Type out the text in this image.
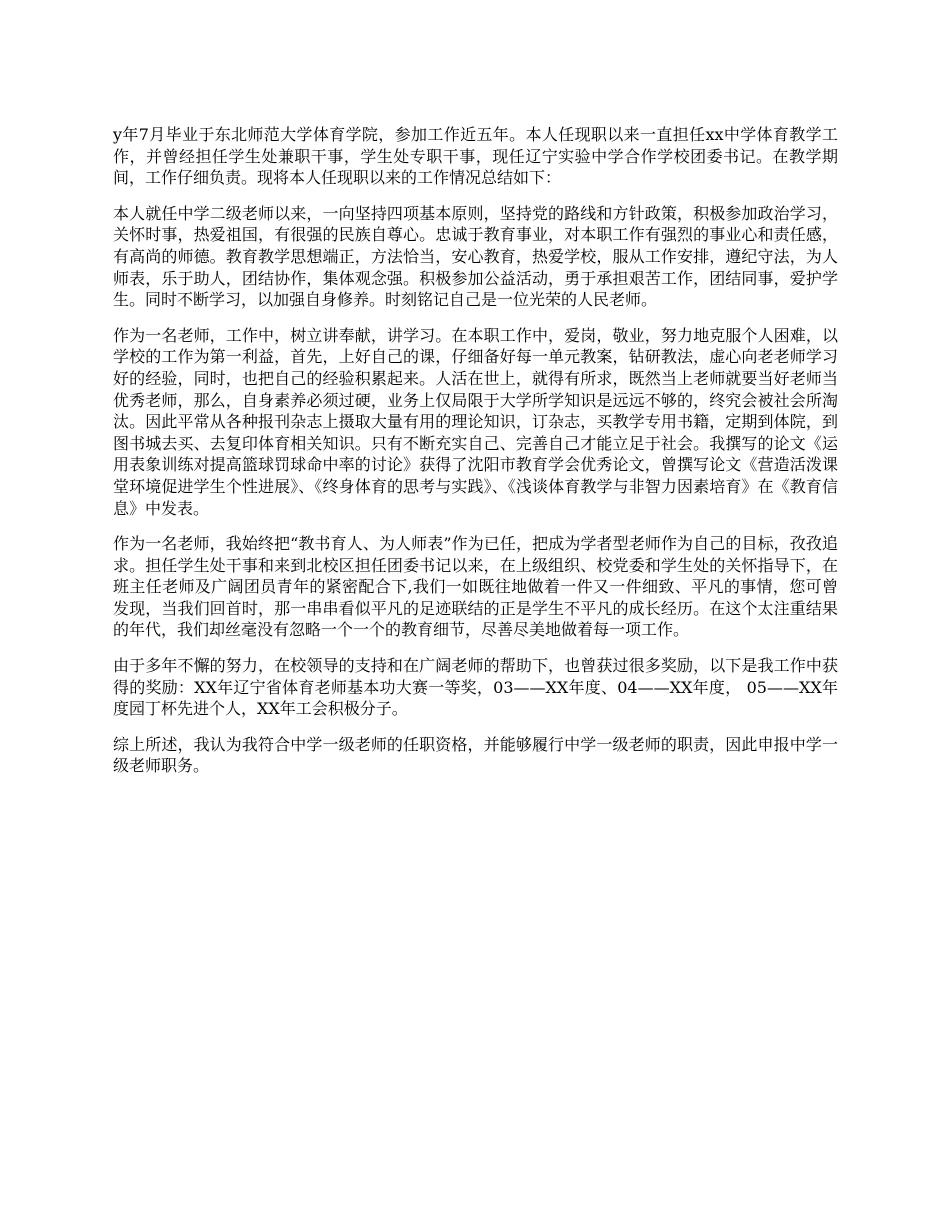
y年7月毕业于东北师范大学体育学院，参加工作近五年。本人任现职以来一直担任xx中学体育教学工作，并曾经担任学生处兼职干事，学生处专职干事，现任辽宁实验中学合作学校团委书记。在教学期间，工作仔细负责。现将本人任现职以来的工作情况总结如下：

本人就任中学二级老师以来，一向坚持四项基本原则，坚持党的路线和方针政策，积极参加政治学习，关怀时事，热爱祖国，有很强的民族自尊心。忠诚于教育事业，对本职工作有强烈的事业心和责任感，有高尚的师德。教育教学思想端正，方法恰当，安心教育，热爱学校，服从工作安排，遵纪守法，为人师表，乐于助人，团结协作，集体观念强。积极参加公益活动，勇于承担艰苦工作，团结同事，爱护学生。同时不断学习，以加强自身修养。时刻铭记自己是一位光荣的人民老师。

作为一名老师，工作中，树立讲奉献，讲学习。在本职工作中，爱岗，敬业，努力地克服个人困难，以学校的工作为第一利益，首先，上好自己的课，仔细备好每一单元教案，钻研教法，虚心向老老师学习好的经验，同时，也把自己的经验积累起来。人活在世上，就得有所求，既然当上老师就要当好老师当优秀老师，那么，自身素养必须过硬，业务上仅局限于大学所学知识是远远不够的，终究会被社会所淘汰。因此平常从各种报刊杂志上摄取大量有用的理论知识，订杂志，买教学专用书籍，定期到体院，到图书城去买、去复印体育相关知识。只有不断充实自己、完善自己才能立足于社会。我撰写的论文《运用表象训练对提高篮球罚球命中率的讨论》获得了沈阳市教育学会优秀论文，曾撰写论文《营造活泼课堂环境促进学生个性进展》、《终身体育的思考与实践》、《浅谈体育教学与非智力因素培育》在《教育信息》中发表。

作为一名老师，我始终把“教书育人、为人师表”作为已任，把成为学者型老师作为自己的目标，孜孜追求。担任学生处干事和来到北校区担任团委书记以来，在上级组织、校党委和学生处的关怀指导下，在班主任老师及广阔团员青年的紧密配合下,我们一如既往地做着一件又一件细致、平凡的事情，您可曾发现，当我们回首时，那一串串看似平凡的足迹联结的正是学生不平凡的成长经历。在这个太注重结果的年代，我们却丝毫没有忽略一个一个的教育细节，尽善尽美地做着每一项工作。

由于多年不懈的努力，在校领导的支持和在广阔老师的帮助下，也曾获过很多奖励，以下是我工作中获得的奖励：XX年辽宁省体育老师基本功大赛一等奖，03——XX年度、04——XX年度， 05——XX年度园丁杯先进个人，XX年工会积极分子。

综上所述，我认为我符合中学一级老师的任职资格，并能够履行中学一级老师的职责，因此申报中学一级老师职务。
